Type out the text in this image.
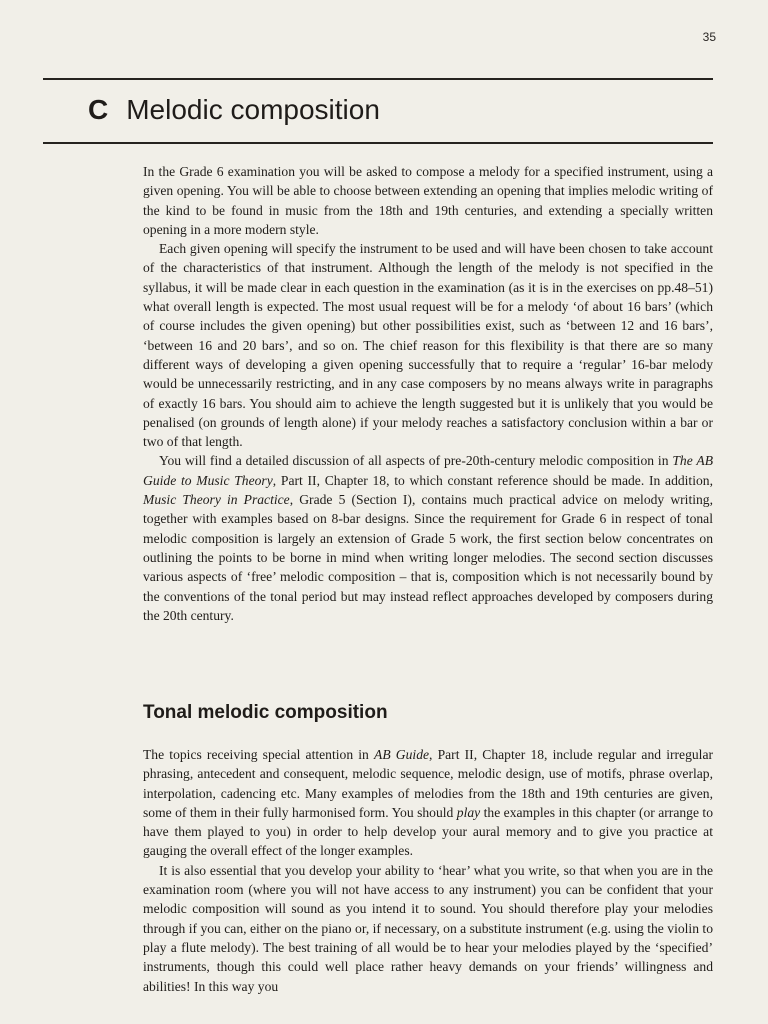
35
C Melodic composition

In the Grade 6 examination you will be asked to compose a melody for a specified instrument, using a given opening. You will be able to choose between extending an opening that implies melodic writing of the kind to be found in music from the 18th and 19th centuries, and extending a specially written opening in a more modern style.

Each given opening will specify the instrument to be used and will have been chosen to take account of the characteristics of that instrument. Although the length of the melody is not specified in the syllabus, it will be made clear in each question in the examination (as it is in the exercises on pp.48–51) what overall length is expected. The most usual request will be for a melody ‘of about 16 bars’ (which of course includes the given opening) but other possibilities exist, such as ‘between 12 and 16 bars’, ‘between 16 and 20 bars’, and so on. The chief reason for this flexibility is that there are so many different ways of developing a given opening successfully that to require a ‘regular’ 16-bar melody would be unnecessarily restricting, and in any case composers by no means always write in paragraphs of exactly 16 bars. You should aim to achieve the length suggested but it is unlikely that you would be penalised (on grounds of length alone) if your melody reaches a satisfactory conclusion within a bar or two of that length.

You will find a detailed discussion of all aspects of pre-20th-century melodic composition in The AB Guide to Music Theory, Part II, Chapter 18, to which constant reference should be made. In addition, Music Theory in Practice, Grade 5 (Section I), contains much practical advice on melody writing, together with examples based on 8-bar designs. Since the requirement for Grade 6 in respect of tonal melodic composition is largely an extension of Grade 5 work, the first section below concentrates on outlining the points to be borne in mind when writing longer melodies. The second section discusses various aspects of ‘free’ melodic composition – that is, composition which is not necessarily bound by the conventions of the tonal period but may instead reflect approaches developed by composers during the 20th century.

Tonal melodic composition

The topics receiving special attention in AB Guide, Part II, Chapter 18, include regular and irregular phrasing, antecedent and consequent, melodic sequence, melodic design, use of motifs, phrase overlap, interpolation, cadencing etc. Many examples of melodies from the 18th and 19th centuries are given, some of them in their fully harmonised form. You should play the examples in this chapter (or arrange to have them played to you) in order to help develop your aural memory and to give you practice at gauging the overall effect of the longer examples.

It is also essential that you develop your ability to ‘hear’ what you write, so that when you are in the examination room (where you will not have access to any instrument) you can be confident that your melodic composition will sound as you intend it to sound. You should therefore play your melodies through if you can, either on the piano or, if necessary, on a substitute instrument (e.g. using the violin to play a flute melody). The best training of all would be to hear your melodies played by the ‘specified’ instruments, though this could well place rather heavy demands on your friends’ willingness and abilities! In this way you
